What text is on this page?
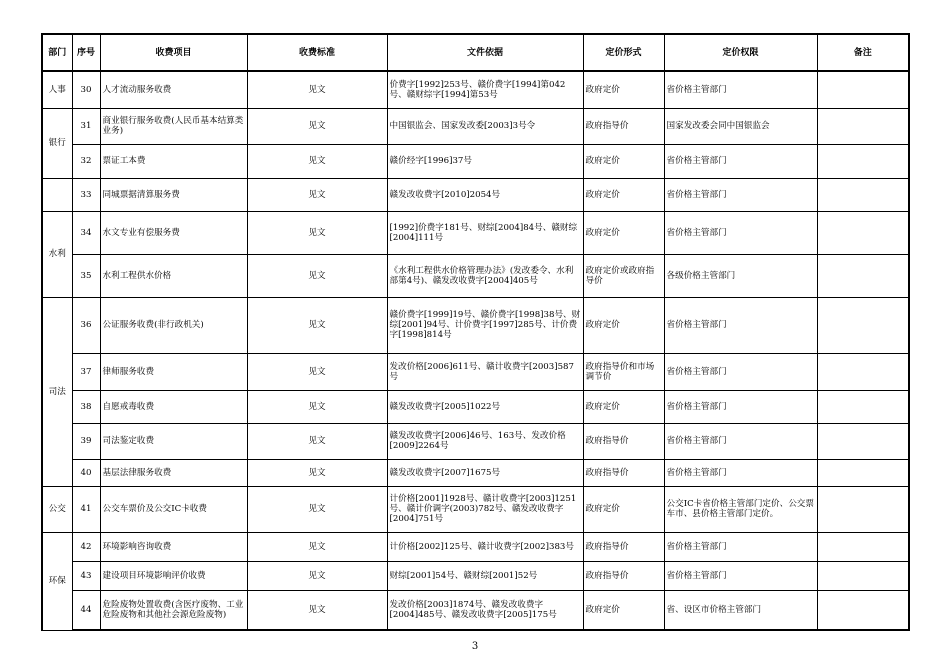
部门	序号	收费项目	收费标准	文件依据	定价形式	定价权限	备注
人事	30	人才流动服务收费	见文	价费字[1992]253号、赣价费字[1994]第042号、赣财综字[1994]第53号	政府定价	省价格主管部门	
银行	31	商业银行服务收费(人民币基本结算类业务)	见文	中国银监会、国家发改委[2003]3号令	政府指导价	国家发改委会同中国银监会	
	32	票证工本费	见文	赣价经字[1996]37号	政府定价	省价格主管部门	
	33	同城票据清算服务费	见文	赣发改收费字[2010]2054号	政府定价	省价格主管部门	
水利	34	水文专业有偿服务费	见文	[1992]价费字181号、财综[2004]84号、赣财综[2004]111号	政府定价	省价格主管部门	
	35	水利工程供水价格	见文	《水利工程供水价格管理办法》(发改委令、水利部第4号)、赣发改收费字[2004]405号	政府定价或政府指导价	各级价格主管部门	
司法	36	公证服务收费(非行政机关)	见文	赣价费字[1999]19号、赣价费字[1998]38号、财综[2001]94号、计价费字[1997]285号、计价费字[1998]814号	政府定价	省价格主管部门	
	37	律师服务收费	见文	发改价格[2006]611号、赣计收费字[2003]587号	政府指导价和市场调节价	省价格主管部门	
	38	自愿戒毒收费	见文	赣发改收费字[2005]1022号	政府定价	省价格主管部门	
	39	司法鉴定收费	见文	赣发改收费字[2006]46号、163号、发改价格[2009]2264号	政府指导价	省价格主管部门	
	40	基层法律服务收费	见文	赣发改收费字[2007]1675号	政府指导价	省价格主管部门	
公交	41	公交车票价及公交IC卡收费	见文	计价格[2001]1928号、赣计收费字[2003]1251号、赣计价调字(2003)782号、赣发改收费字[2004]751号	政府定价	公交IC卡省价格主管部门定价、公交票车市、县价格主管部门定价。	
环保	42	环境影响咨询收费	见文	计价格[2002]125号、赣计收费字[2002]383号	政府指导价	省价格主管部门	
	43	建设项目环境影响评价收费	见文	财综[2001]54号、赣财综[2001]52号	政府指导价	省价格主管部门	
	44	危险废物处置收费(含医疗废物、工业危险废物和其他社会源危险废物)	见文	发改价格[2003]1874号、赣发改收费字[2004]485号、赣发改收费字[2005]175号	政府定价	省、设区市价格主管部门	
3
